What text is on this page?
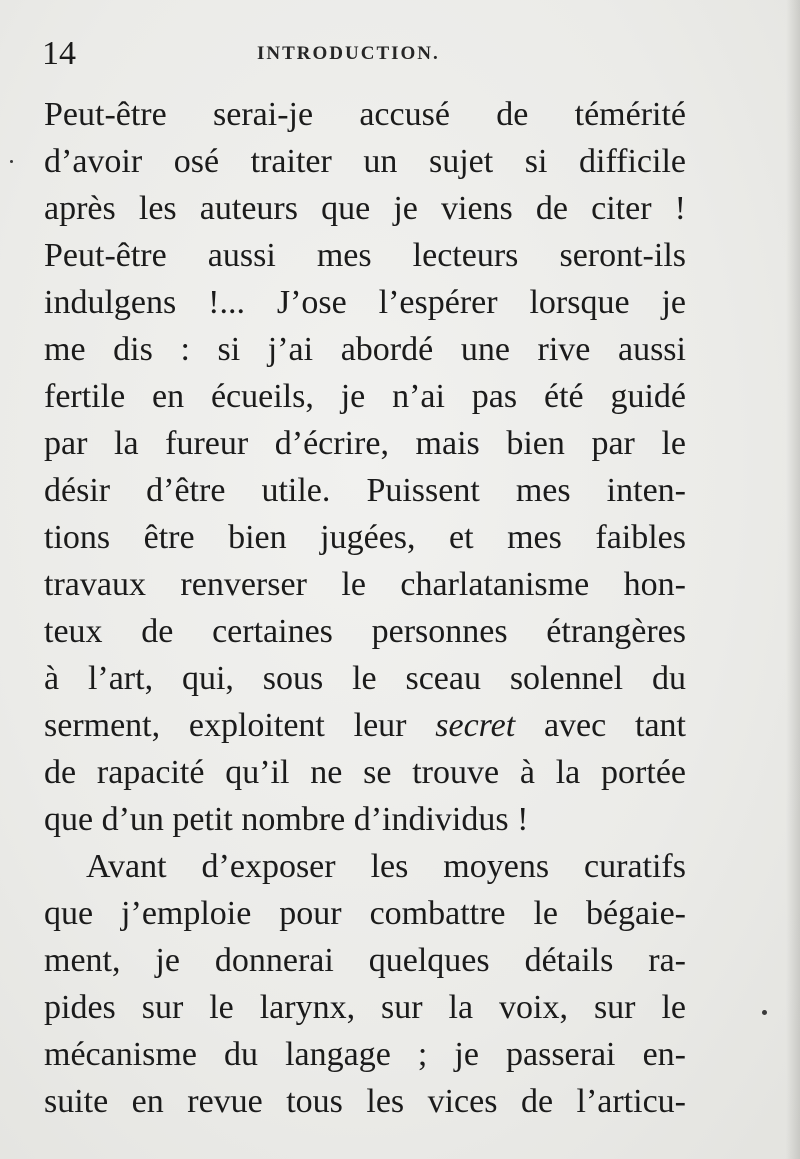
14	INTRODUCTION.
Peut-être serai-je accusé de témérité
d’avoir osé traiter un sujet si difficile
après les auteurs que je viens de citer !
Peut-être aussi mes lecteurs seront-ils
indulgens !... J’ose l’espérer lorsque je
me dis : si j’ai abordé une rive aussi
fertile en écueils, je n’ai pas été guidé
par la fureur d’écrire, mais bien par le
désir d’être utile. Puissent mes inten-
tions être bien jugées, et mes faibles
travaux renverser le charlatanisme hon-
teux de certaines personnes étrangères
à l’art, qui, sous le sceau solennel du
serment, exploitent leur secret avec tant
de rapacité qu’il ne se trouve à la portée
que d’un petit nombre d’individus !
Avant d’exposer les moyens curatifs
que j’emploie pour combattre le bégaie-
ment, je donnerai quelques détails ra-
pides sur le larynx, sur la voix, sur le
mécanisme du langage ; je passerai en-
suite en revue tous les vices de l’articu-
